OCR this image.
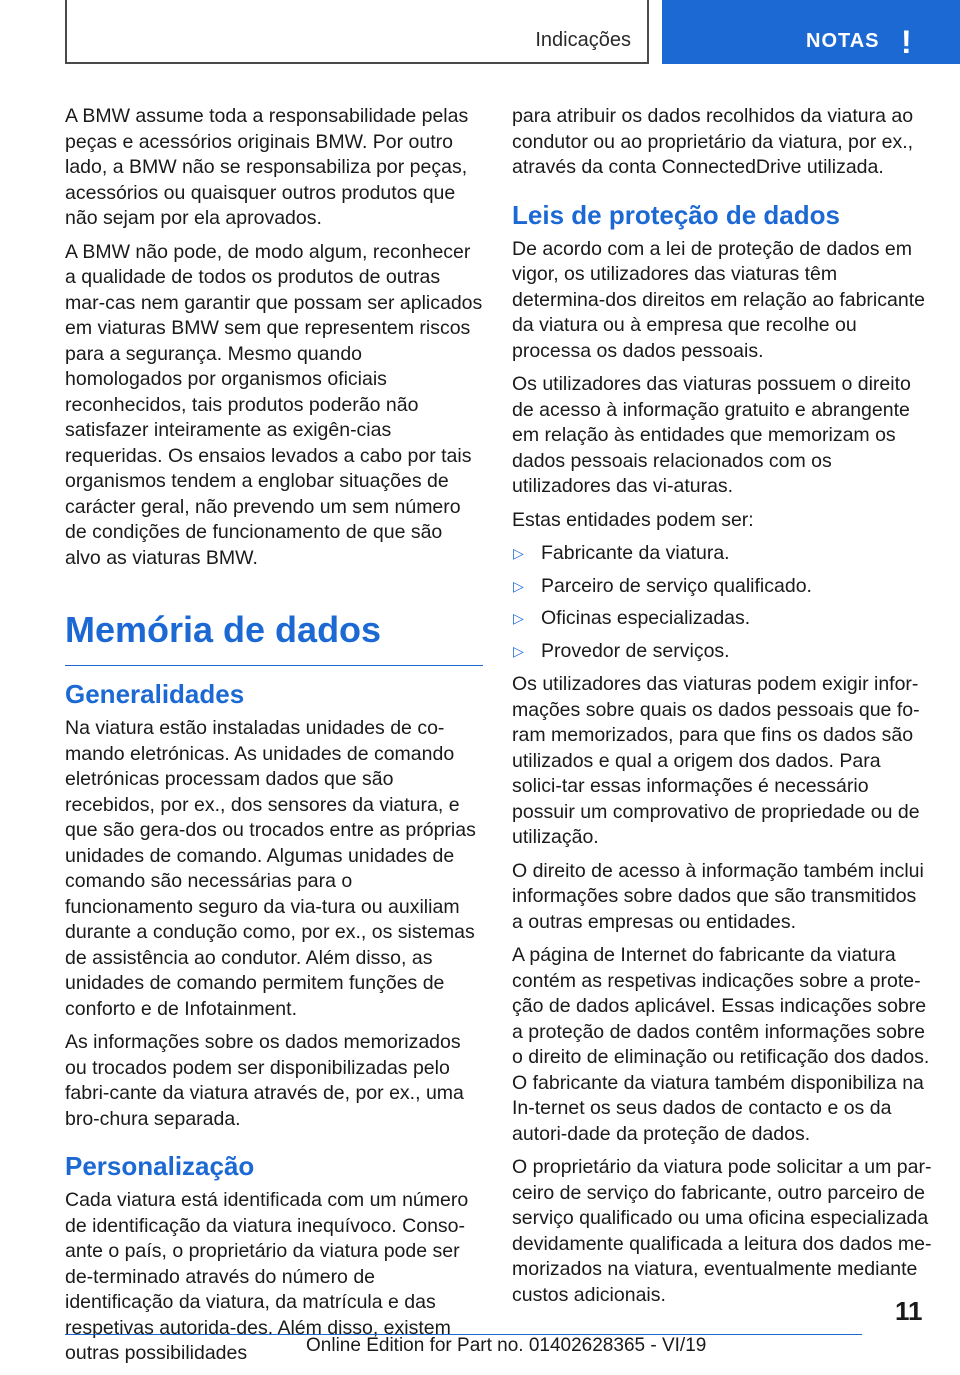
Indicações	NOTAS !

A BMW assume toda a responsabilidade pelas peças e acessórios originais BMW. Por outro lado, a BMW não se responsabiliza por peças, acessórios ou quaisquer outros produtos que não sejam por ela aprovados.

A BMW não pode, de modo algum, reconhecer a qualidade de todos os produtos de outras mar-cas nem garantir que possam ser aplicados em viaturas BMW sem que representem riscos para a segurança. Mesmo quando homologados por organismos oficiais reconhecidos, tais produtos poderão não satisfazer inteiramente as exigên-cias requeridas. Os ensaios levados a cabo por tais organismos tendem a englobar situações de carácter geral, não prevendo um sem número de condições de funcionamento de que são alvo as viaturas BMW.

Memória de dados
Generalidades

Na viatura estão instaladas unidades de co-mando eletrónicas. As unidades de comando eletrónicas processam dados que são recebidos, por ex., dos sensores da viatura, e que são gera-dos ou trocados entre as próprias unidades de comando. Algumas unidades de comando são necessárias para o funcionamento seguro da via-tura ou auxiliam durante a condução como, por ex., os sistemas de assistência ao condutor. Além disso, as unidades de comando permitem funções de conforto e de Infotainment.

As informações sobre os dados memorizados ou trocados podem ser disponibilizadas pelo fabri-cante da viatura através de, por ex., uma bro-chura separada.

Personalização

Cada viatura está identificada com um número de identificação da viatura inequívoco. Conso-ante o país, o proprietário da viatura pode ser de-terminado através do número de identificação da viatura, da matrícula e das respetivas autorida-des. Além disso, existem outras possibilidades

para atribuir os dados recolhidos da viatura ao condutor ou ao proprietário da viatura, por ex., através da conta ConnectedDrive utilizada.

Leis de proteção de dados

De acordo com a lei de proteção de dados em vigor, os utilizadores das viaturas têm determina-dos direitos em relação ao fabricante da viatura ou à empresa que recolhe ou processa os dados pessoais.

Os utilizadores das viaturas possuem o direito de acesso à informação gratuito e abrangente em relação às entidades que memorizam os dados pessoais relacionados com os utilizadores das vi-aturas.

Estas entidades podem ser:

▷ Fabricante da viatura.
▷ Parceiro de serviço qualificado.
▷ Oficinas especializadas.
▷ Provedor de serviços.

Os utilizadores das viaturas podem exigir infor-mações sobre quais os dados pessoais que fo-ram memorizados, para que fins os dados são utilizados e qual a origem dos dados. Para solici-tar essas informações é necessário possuir um comprovativo de propriedade ou de utilização.

O direito de acesso à informação também inclui informações sobre dados que são transmitidos a outras empresas ou entidades.

A página de Internet do fabricante da viatura contém as respetivas indicações sobre a prote-ção de dados aplicável. Essas indicações sobre a proteção de dados contêm informações sobre o direito de eliminação ou retificação dos dados. O fabricante da viatura também disponibiliza na In-ternet os seus dados de contacto e os da autori-dade da proteção de dados.

O proprietário da viatura pode solicitar a um par-ceiro de serviço do fabricante, outro parceiro de serviço qualificado ou uma oficina especializada devidamente qualificada a leitura dos dados me-morizados na viatura, eventualmente mediante custos adicionais.

11
Online Edition for Part no. 01402628365 - VI/19
